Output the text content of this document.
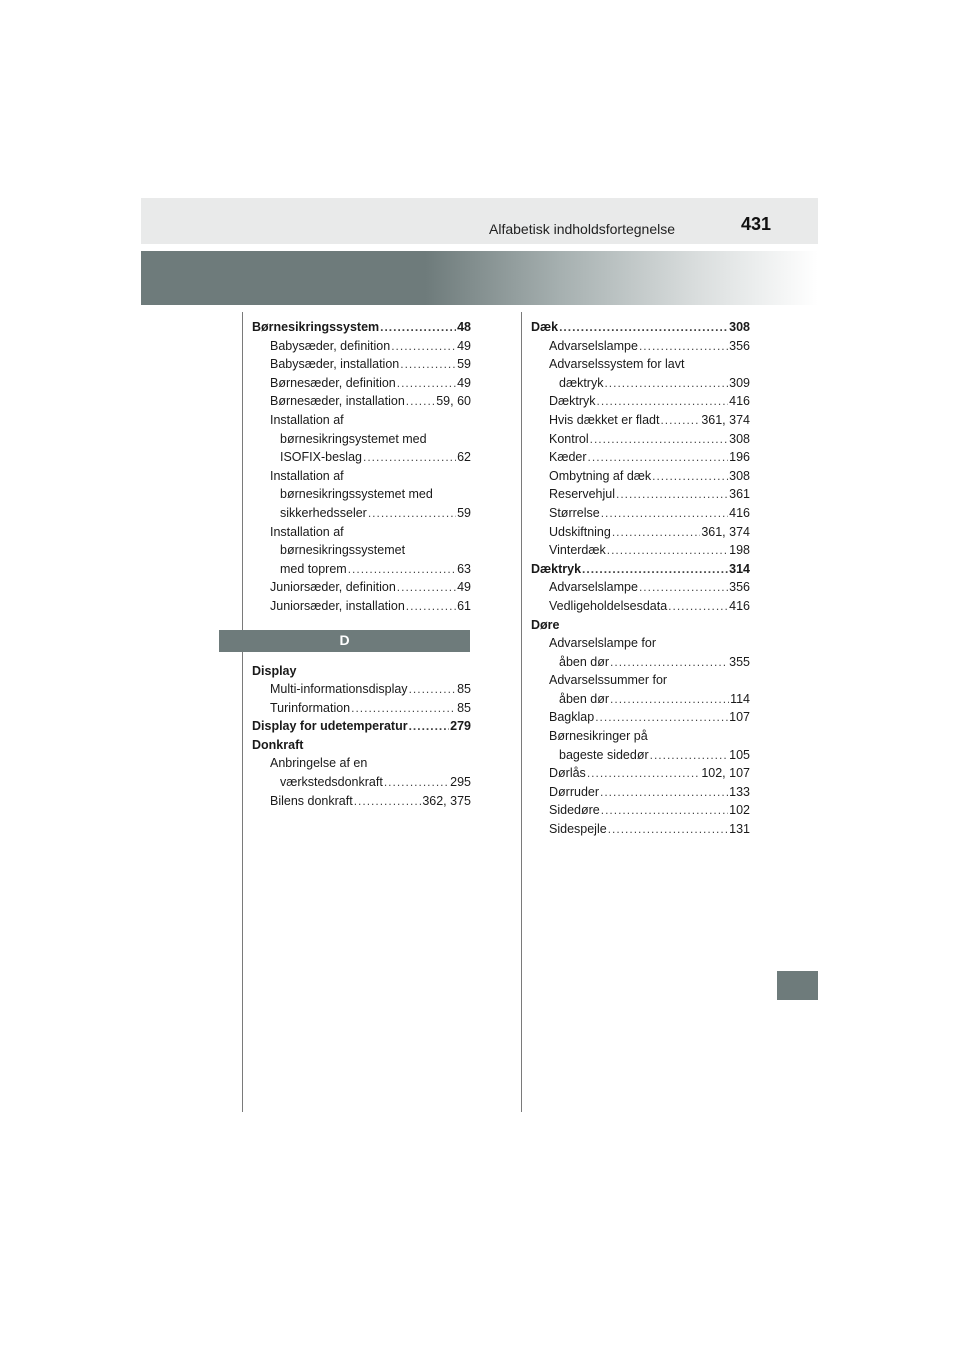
Alfabetisk indholdsfortegnelse	431
Børnesikringssystem .....	48
Babysæder, definition .....	49
Babysæder, installation .....	59
Børnesæder, definition .....	49
Børnesæder, installation .....	59, 60
Installation af
børnesikringsystemet med
ISOFIX-beslag .....	62
Installation af
børnesikringssystemet med
sikkerhedsseler .....	59
Installation af
børnesikringssystemet
med toprem .....	63
Juniorsæder, definition .....	49
Juniorsæder, installation .....	61
D
Display
Multi-informationsdisplay .....	85
Turinformation .....	85
Display for udetemperatur .....	279
Donkraft
Anbringelse af en
værkstedsdonkraft .....	295
Bilens donkraft .....	362, 375
Dæk .....	308
Advarselslampe .....	356
Advarselssystem for lavt
dæktryk .....	309
Dæktryk .....	416
Hvis dækket er fladt .....	361, 374
Kontrol .....	308
Kæder .....	196
Ombytning af dæk .....	308
Reservehjul .....	361
Størrelse .....	416
Udskiftning .....	361, 374
Vinterdæk .....	198
Dæktryk .....	314
Advarselslampe .....	356
Vedligeholdelsesdata .....	416
Døre
Advarselslampe for
åben dør .....	355
Advarselssummer for
åben dør .....	114
Bagklap .....	107
Børnesikringer på
bageste sidedør .....	105
Dørlås .....	102, 107
Dørruder .....	133
Sidedøre .....	102
Sidespejle .....	131
